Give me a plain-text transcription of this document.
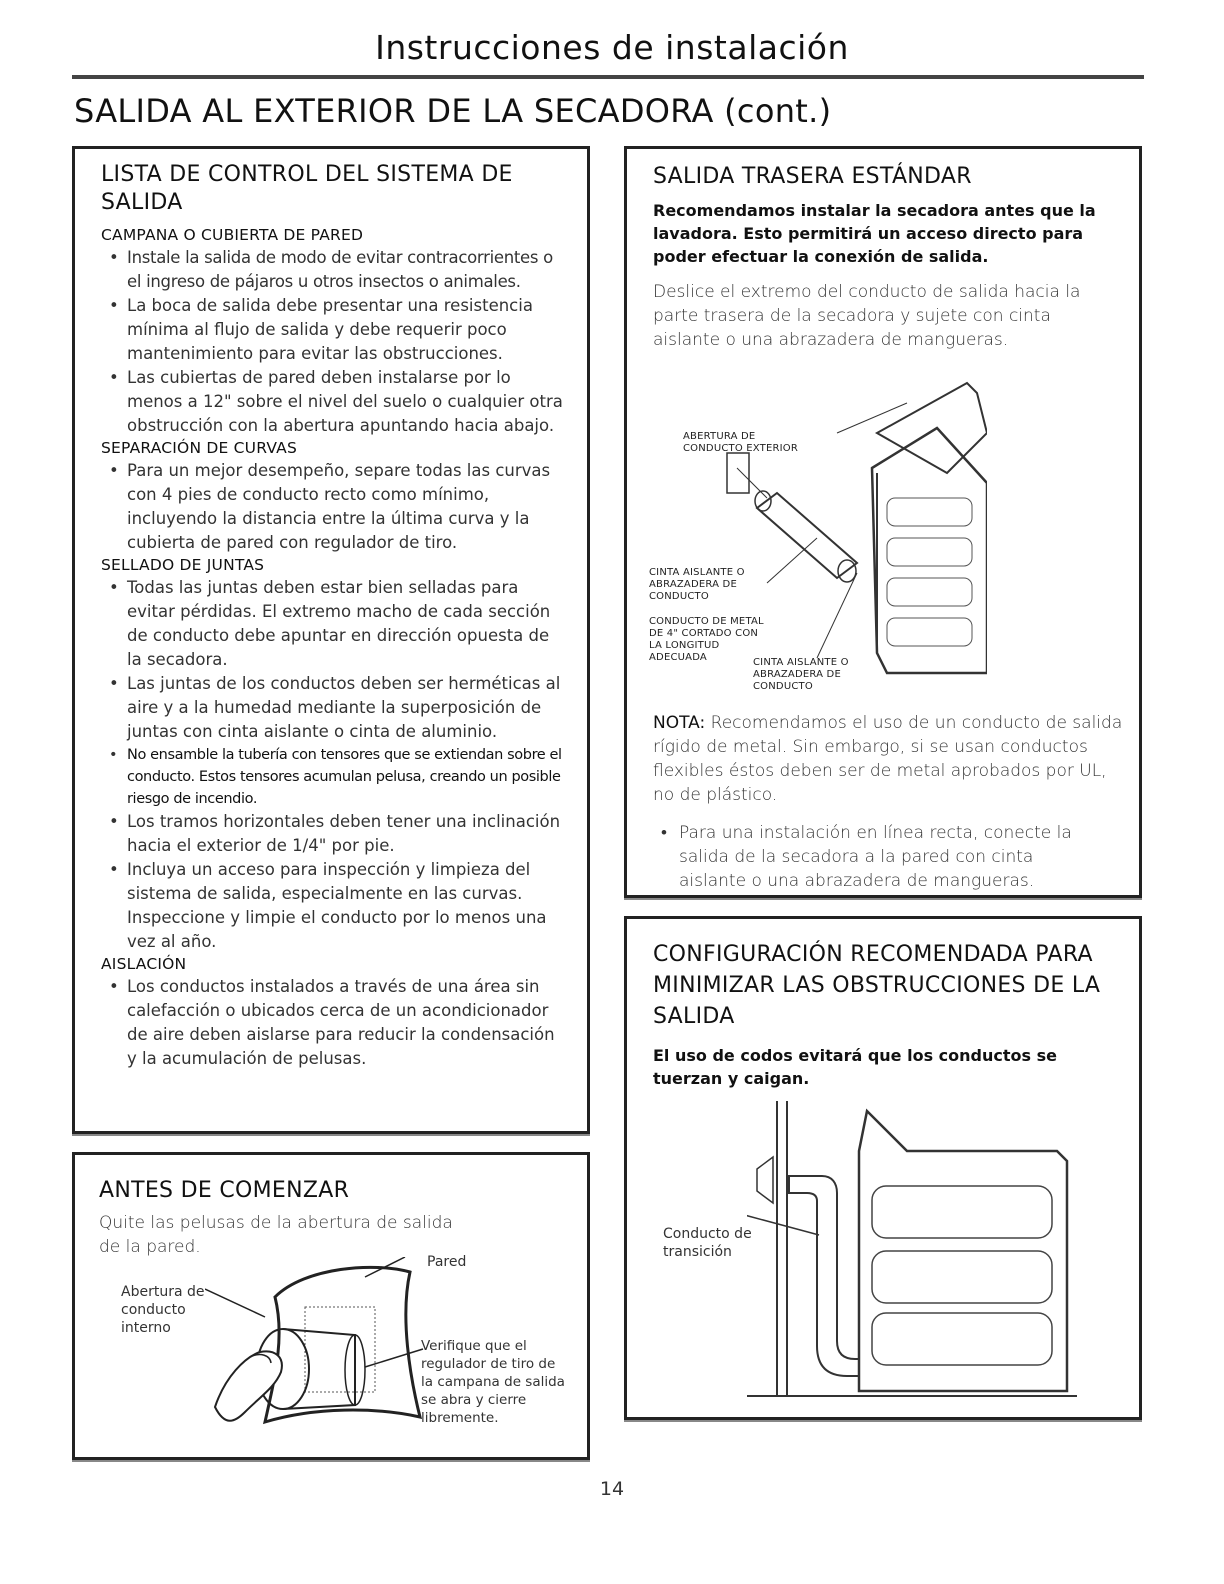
Instrucciones de instalación
SALIDA AL EXTERIOR DE LA SECADORA (cont.)
LISTA DE CONTROL DEL SISTEMA DE SALIDA
CAMPANA O CUBIERTA DE PARED
• Instale la salida de modo de evitar contracorrientes o el ingreso de pájaros u otros insectos o animales.
• La boca de salida debe presentar una resistencia mínima al flujo de salida y debe requerir poco mantenimiento para evitar las obstrucciones.
• Las cubiertas de pared deben instalarse por lo menos a 12" sobre el nivel del suelo o cualquier otra obstrucción con la abertura apuntando hacia abajo.
SEPARACIÓN DE CURVAS
• Para un mejor desempeño, separe todas las curvas con 4 pies de conducto recto como mínimo, incluyendo la distancia entre la última curva y la cubierta de pared con regulador de tiro.
SELLADO DE JUNTAS
• Todas las juntas deben estar bien selladas para evitar pérdidas. El extremo macho de cada sección de conducto debe apuntar en dirección opuesta de la secadora.
• Las juntas de los conductos deben ser herméticas al aire y a la humedad mediante la superposición de juntas con cinta aislante o cinta de aluminio.
• No ensamble la tubería con tensores que se extiendan sobre el conducto. Estos tensores acumulan pelusa, creando un posible riesgo de incendio.
• Los tramos horizontales deben tener una inclinación hacia el exterior de 1/4" por pie.
• Incluya un acceso para inspección y limpieza del sistema de salida, especialmente en las curvas. Inspeccione y limpie el conducto por lo menos una vez al año.
AISLACIÓN
• Los conductos instalados a través de una área sin calefacción o ubicados cerca de un acondicionador de aire deben aislarse para reducir la condensación y la acumulación de pelusas.
ANTES DE COMENZAR

Quite las pelusas de la abertura de salida de la pared.

Pared
Abertura de conducto interno
Verifique que el regulador de tiro de la campana de salida se abra y cierre libremente.
SALIDA TRASERA ESTÁNDAR

Recomendamos instalar la secadora antes que la lavadora. Esto permitirá un acceso directo para poder efectuar la conexión de salida.

Deslice el extremo del conducto de salida hacia la parte trasera de la secadora y sujete con cinta aislante o una abrazadera de mangueras.

ABERTURA DE CONDUCTO EXTERIOR
CINTA AISLANTE O ABRAZADERA DE CONDUCTO
CONDUCTO DE METAL DE 4" CORTADO CON LA LONGITUD ADECUADA	CINTA AISLANTE O ABRAZADERA DE CONDUCTO

NOTA: Recomendamos el uso de un conducto de salida rígido de metal. Sin embargo, si se usan conductos flexibles éstos deben ser de metal aprobados por UL, no de plástico.

• Para una instalación en línea recta, conecte la salida de la secadora a la pared con cinta aislante o una abrazadera de mangueras.
CONFIGURACIÓN RECOMENDADA PARA MINIMIZAR LAS OBSTRUCCIONES DE LA SALIDA

El uso de codos evitará que los conductos se tuerzan y caigan.

Conducto de transición
14
